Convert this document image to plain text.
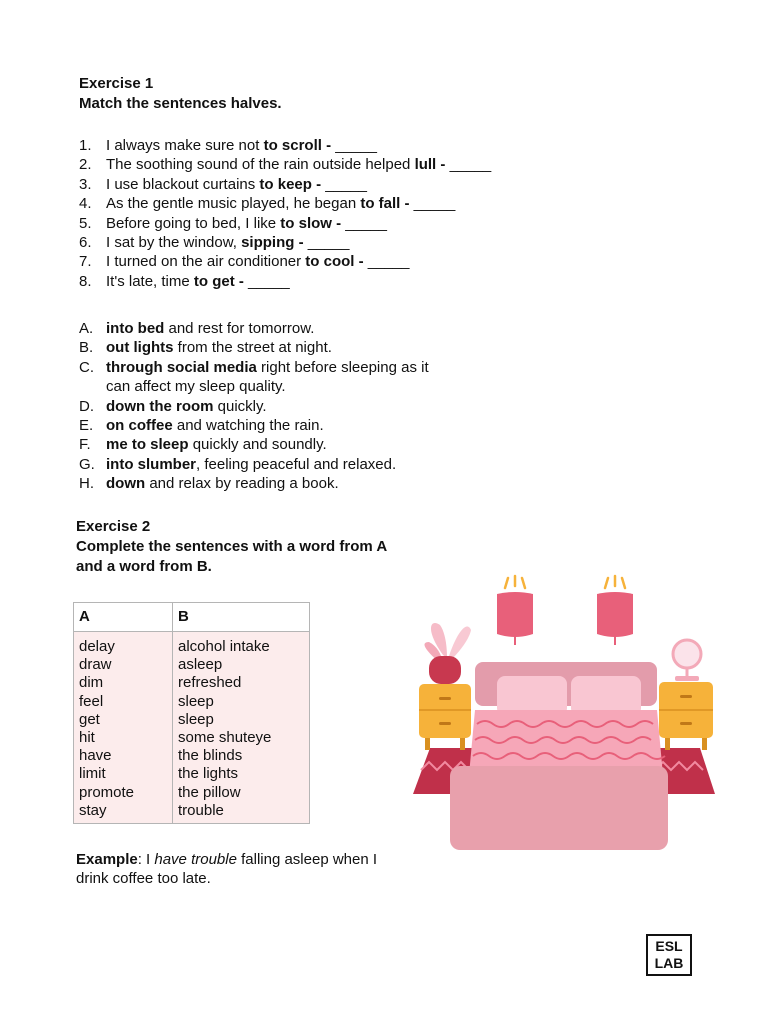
Exercise 1
Match the sentences halves.
1. I always make sure not to scroll - _____
2. The soothing sound of the rain outside helped lull - _____
3. I use blackout curtains to keep - _____
4. As the gentle music played, he began to fall - _____
5. Before going to bed, I like to slow - _____
6. I sat by the window, sipping - _____
7. I turned on the air conditioner to cool - _____
8. It's late, time to get - _____
A. into bed and rest for tomorrow.
B. out lights from the street at night.
C. through social media right before sleeping as it can affect my sleep quality.
D. down the room quickly.
E. on coffee and watching the rain.
F.	me to sleep quickly and soundly.
G. into slumber, feeling peaceful and relaxed.
H. down and relax by reading a book.
Exercise 2
Complete the sentences with a word from A and a word from B.
A	B
delay
draw
dim
feel
get
hit
have
limit
promote
stay
alcohol intake
asleep
refreshed
sleep
sleep
some shuteye
the blinds
the lights
the pillow
trouble
Example: I have trouble falling asleep when I drink coffee too late.
ESL
LAB
